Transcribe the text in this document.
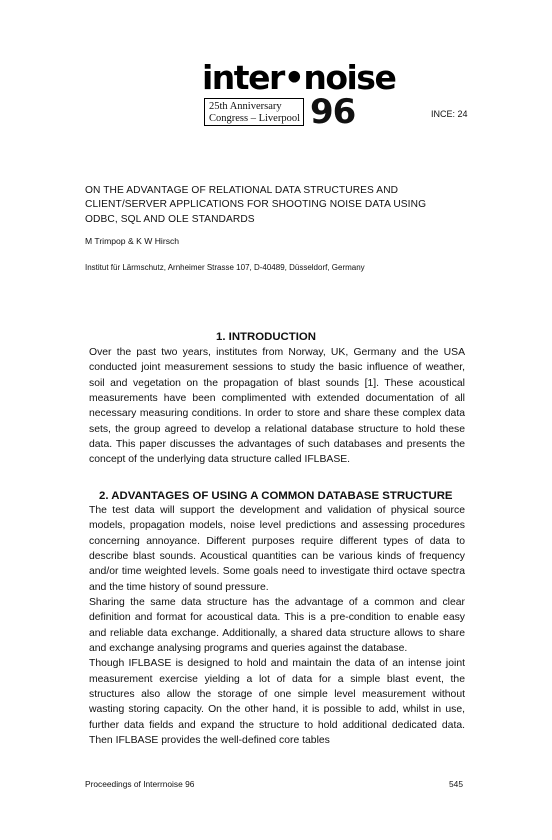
inter•noise
25th Anniversary
Congress – Liverpool 96	INCE: 24
ON THE ADVANTAGE OF RELATIONAL DATA STRUCTURES AND
CLIENT/SERVER APPLICATIONS FOR SHOOTING NOISE DATA USING
ODBC, SQL AND OLE STANDARDS
M Trimpop & K W Hirsch
Institut für Lärmschutz, Arnheimer Strasse 107, D-40489, Düsseldorf, Germany
1. INTRODUCTION

Over the past two years, institutes from Norway, UK, Germany and the USA conducted joint measurement sessions to study the basic influence of weather, soil and vegetation on the propagation of blast sounds [1]. These acoustical measurements have been complimented with extended documentation of all necessary measuring conditions. In order to store and share these complex data sets, the group agreed to develop a relational database structure to hold these data. This paper discusses the advantages of such databases and presents the concept of the underlying data structure called IFLBASE.

2. ADVANTAGES OF USING A COMMON DATABASE STRUCTURE

The test data will support the development and validation of physical source models, propagation models, noise level predictions and assessing procedures concerning annoyance. Different purposes require different types of data to describe blast sounds. Acoustical quantities can be various kinds of frequency and/or time weighted levels. Some goals need to investigate third octave spectra and the time history of sound pressure.

Sharing the same data structure has the advantage of a common and clear definition and format for acoustical data. This is a pre-condition to enable easy and reliable data exchange. Additionally, a shared data structure allows to share and exchange analysing programs and queries against the database.

Though IFLBASE is designed to hold and maintain the data of an intense joint measurement exercise yielding a lot of data for a simple blast event, the structures also allow the storage of one simple level measurement without wasting storing capacity. On the other hand, it is possible to add, whilst in use, further data fields and expand the structure to hold additional dedicated data. Then IFLBASE provides the well-defined core tables

Proceedings of Interrnoise 96	545
